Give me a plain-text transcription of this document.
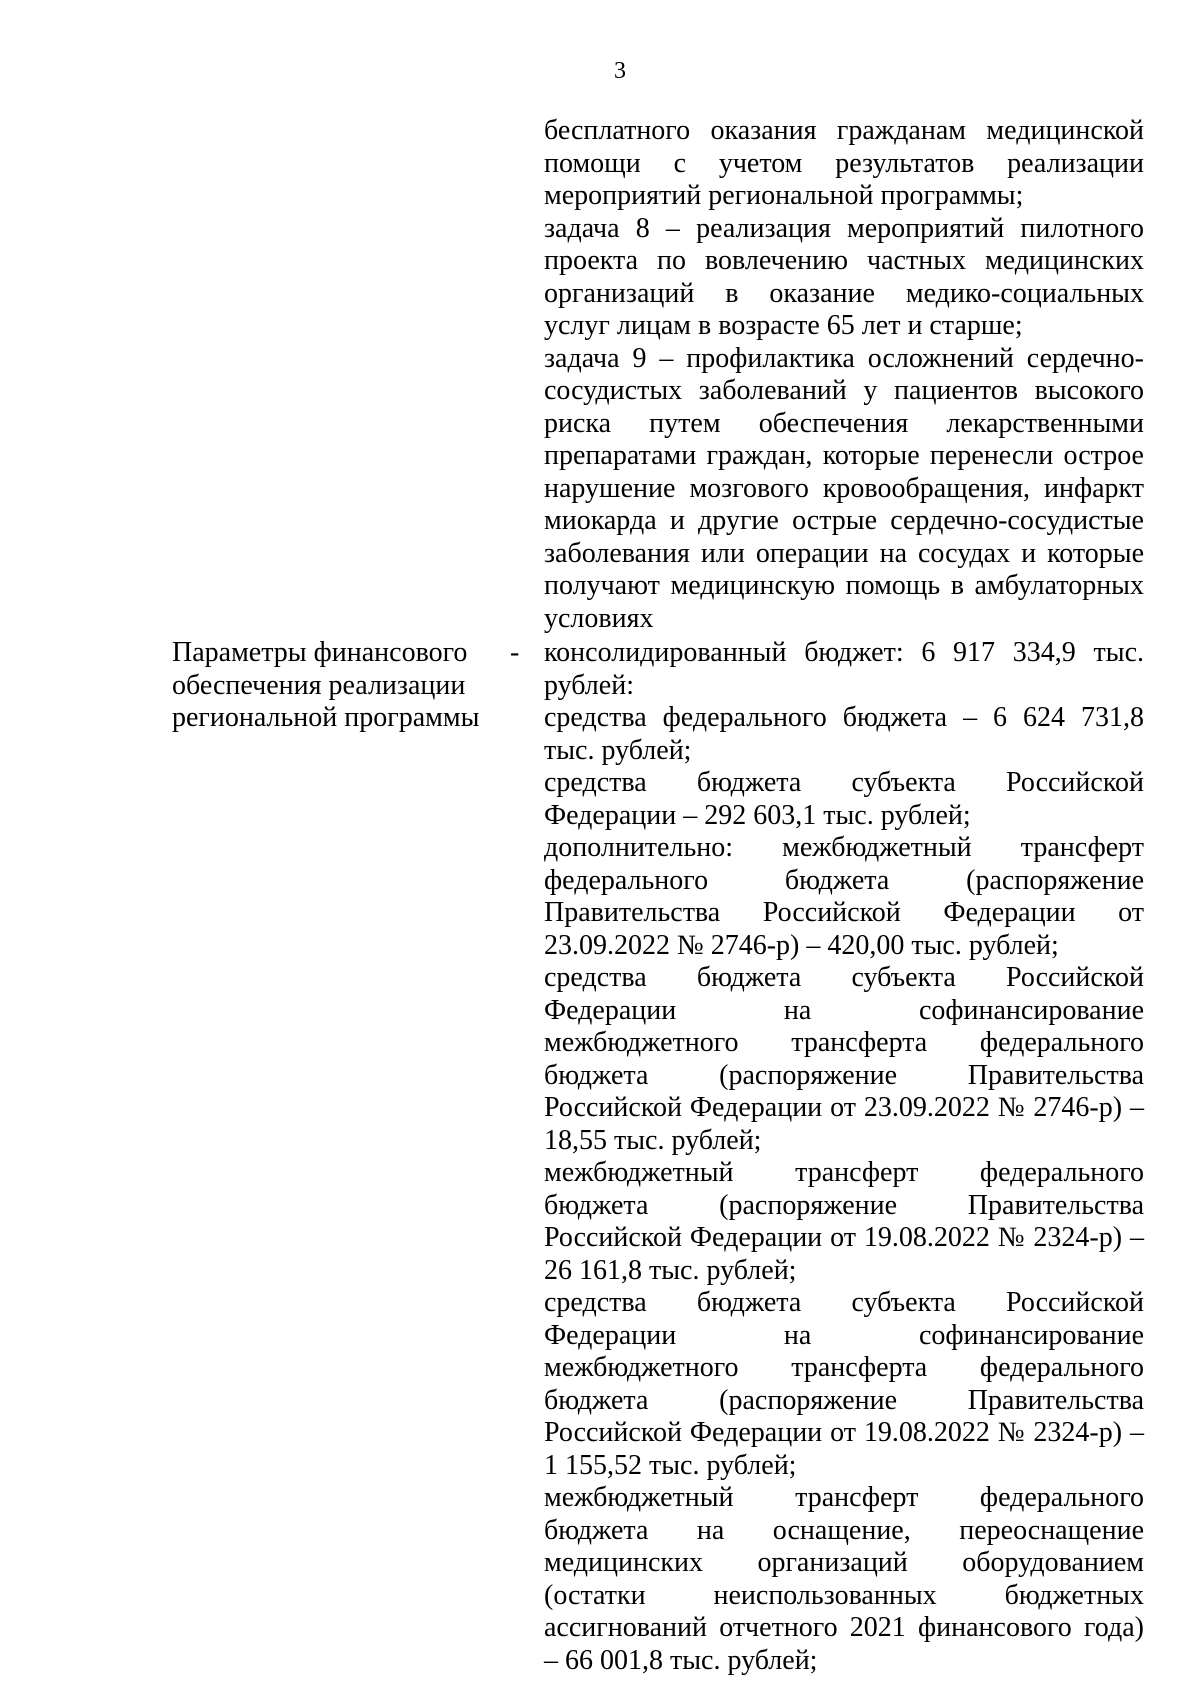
3

бесплатного оказания гражданам медицинской помощи с учетом результатов реализации мероприятий региональной программы;

задача 8 – реализация мероприятий пилотного проекта по вовлечению частных медицинских организаций в оказание медико-социальных услуг лицам в возрасте 65 лет и старше;

задача 9 – профилактика осложнений сердечно-сосудистых заболеваний у пациентов высокого риска путем обеспечения лекарственными препаратами граждан, которые перенесли острое нарушение мозгового кровообращения, инфаркт миокарда и другие острые сердечно-сосудистые заболевания или операции на сосудах и которые получают медицинскую помощь в амбулаторных условиях

Параметры финансового обеспечения реализации региональной программы

- консолидированный бюджет: 6 917 334,9 тыс. рублей:

средства федерального бюджета – 6 624 731,8 тыс. рублей;

средства бюджета субъекта Российской Федерации – 292 603,1 тыс. рублей;

дополнительно: межбюджетный трансферт федерального бюджета (распоряжение Правительства Российской Федерации от 23.09.2022 № 2746-р) – 420,00 тыс. рублей;

средства бюджета субъекта Российской Федерации на софинансирование межбюджетного трансферта федерального бюджета (распоряжение Правительства Российской Федерации от 23.09.2022 № 2746-р) – 18,55 тыс. рублей;

межбюджетный трансферт федерального бюджета (распоряжение Правительства Российской Федерации от 19.08.2022 № 2324-р) – 26 161,8 тыс. рублей;

средства бюджета субъекта Российской Федерации на софинансирование межбюджетного трансферта федерального бюджета (распоряжение Правительства Российской Федерации от 19.08.2022 № 2324-р) – 1 155,52 тыс. рублей;

межбюджетный трансферт федерального бюджета на оснащение, переоснащение медицинских организаций оборудованием (остатки неиспользованных бюджетных ассигнований отчетного 2021 финансового года) – 66 001,8 тыс. рублей;
